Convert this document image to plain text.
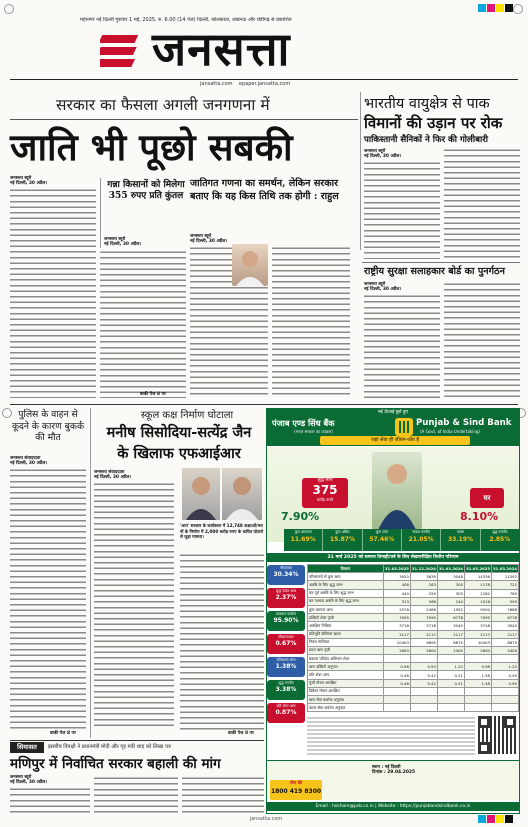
महानगर नई दिल्ली गुरुवार 1 मई, 2025, रु. 6.00 (14 पेज) दिल्ली, कोलकाता, लखनऊ और चंडीगढ़ से प्रकाशित
जनसत्ता
jansatta.com epaper.jansatta.com
सरकार का फैसला अगली जनगणना में
जाति भी पूछो सबकी
जनसत्ता ब्यूरो
नई दिल्ली, 30 अप्रैल।
बाकी पेज 8 पर
गन्ना किसानों को मिलेगा 355 रुपए प्रति कुंतल
जनसत्ता ब्यूरो
नई दिल्ली, 30 अप्रैल।
जातिगत गणना का समर्थन, लेकिन सरकार बताए कि यह किस तिथि तक होगी : राहुल
जनसत्ता ब्यूरो
नई दिल्ली, 30 अप्रैल।
भारतीय वायुक्षेत्र से पाक
विमानों की उड़ान पर रोक
पाकिस्तानी सैनिकों ने फिर की गोलीबारी
जनसत्ता ब्यूरो
नई दिल्ली, 30 अप्रैल।
राष्ट्रीय सुरक्षा सलाहकार बोर्ड का पुनर्गठन
जनसत्ता ब्यूरो
नई दिल्ली, 30 अप्रैल।
पुलिस के वाहन से कूदने के कारण बुकर्क की मौत
जनसत्ता संवाददाता
नई दिल्ली, 30 अप्रैल।
बाकी पेज 8 पर
स्कूल कक्ष निर्माण घोटाला
मनीष सिसोदिया-सत्येंद्र जैन
के खिलाफ एफआईआर
जनसत्ता संवाददाता
नई दिल्ली, 30 अप्रैल।
'आप' सरकार के कार्यकाल में 12,748 कक्षाओं/भवनों के निर्माण में 2,000 करोड़ रुपए के कथित घोटाले से जुड़ा मामला।
बाकी पेज 8 पर
सियासत	इसबीच विपक्षी ने प्रधानमंत्री मोदी और गृह मंत्री शाह को लिखा पत्र
मणिपुर में निर्वाचित सरकार बहाली की मांग
जनसत्ता ब्यूरो
नई दिल्ली, 30 अप्रैल।
नई ऊँचाई छूते हुए
पंजाब एण्ड सिंध बैंक
(भारत सरकार का उपक्रम)
Punjab & Sind Bank
(A Govt. of India Undertaking)
जहां सेवा ही जीवन-ध्येय है
शुद्ध लाभ
375
करोड़ रुपये
7.90%
घर
8.10%
कुल व्यवसाय
11.69%
कुल अग्रिम
15.87%
कुल जमा
57.46%
सकल एनपीए
21.05%
कासा
33.19%
शुद्ध एनपीए
2.85%
31 मार्च 2025 को समाप्त तिमाही/वर्ष के लिए लेखापरीक्षित वित्तीय परिणाम
सीएएसए
30.34%
शुद्ध ब्याज आय
2.37%
प्रावधान कवरेज
95.90%
सीआरएआर
0.67%
परिचालन लाभ
1.38%
शुद्ध एनपीए
3.38%
प्रति शेयर आय
0.87%
विवरण	31.03.2025	31.12.2024	31.03.2024	31.03.2025	31.03.2024
परिचालनों से कुल आय	3920	3639	3048	14336	11592
अवधि के लिए शुद्ध लाभ	406	283	305	1178	721
कर पूर्व अवधि के लिए शुद्ध लाभ	440	329	305	1262	765
कर पश्चात अवधि के लिए शुद्ध लाभ	313	268	144	1016	595
कुल व्यापक आय	2578	2488	1952	9500	7688
इक्विटी शेयर पूंजी	7095	7095	6778	7095	6778
आरक्षित निधियां	3718	3718	3040	3718	3040
प्रतिभूति प्रीमियम खाता	2117	2117	2117	2117	2117
निवल मालियत	10403	9895	8875	10403	8875
प्रदत्त ऋण पूंजी	2600	2600	2400	2600	2400
बकाया प्रतिदेय अधिमान शेयर					
ऋण इक्विटी अनुपात	0.98	0.93	1.22	0.98	1.22
प्रति शेयर आय	0.46	0.42	0.21	1.58	0.95
पूंजी मोचन आरक्षित	0.46	0.42	0.21	1.58	0.95
डिबेंचर मोचन आरक्षित					
ऋण सेवा कवरेज अनुपात					
ब्याज सेवा कवरेज अनुपात					
स्थान : नई दिल्ली
दिनांक : 29.04.2025
टोल फ्री
1800 419 8300
Email : hoshare@psb.co.in | Website : https://punjabandsindbank.co.in
jansatta.com
